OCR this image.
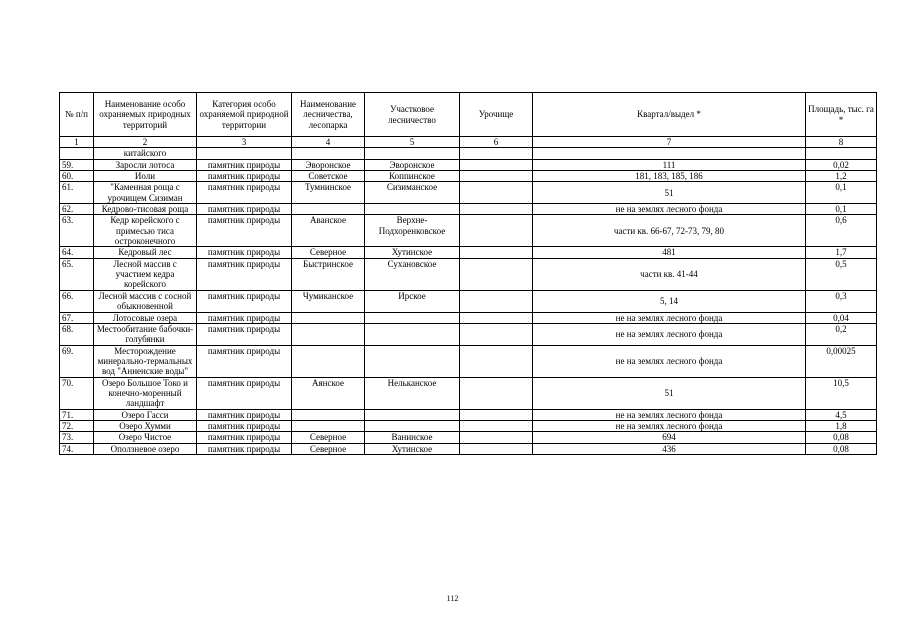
№ п/п	Наименование особо охраняемых природных территорий	Категория особо охраняемой природной территории	Наименование лесничества, лесопарка	Участковое лесничество	Урочище	Квартал/выдел *	Площадь, тыс. га *
1	2	3	4	5	6	7	8
	китайского						
59.	Заросли лотоса	памятник природы	Эворонское	Эворонское		111	0,02
60.	Иоли	памятник природы	Советское	Коппинское		181, 183, 185, 186	1,2
61.	"Каменная роща с урочищем Сизиман	памятник природы	Тумнинское	Сизиманское		51	0,1
62.	Кедрово-тисовая роща	памятник природы				не на землях лесного фонда	0,1
63.	Кедр корейского с примесью тиса остроконечного	памятник природы	Аванское	Верхне-Подхоренковское		части кв. 66-67, 72-73, 79, 80	0,6
64.	Кедровый лес	памятник природы	Северное	Хутинское		481	1,7
65.	Лесной массив с участием кедра корейского	памятник природы	Быстринское	Сухановское		части кв. 41-44	0,5
66.	Лесной массив с сосной обыкновенной	памятник природы	Чумиканское	Ирское		5, 14	0,3
67.	Лотосовые озера	памятник природы				не на землях лесного фонда	0,04
68.	Местообитание бабочки-голубянки	памятник природы				не на землях лесного фонда	0,2
69.	Месторождение минерально-термальных вод "Анненские воды"	памятник природы				не на землях лесного фонда	0,00025
70.	Озеро Большое Токо и конечно-моренный ландшафт	памятник природы	Аянское	Нельканское		51	10,5
71.	Озеро Гасси	памятник природы				не на землях лесного фонда	4,5
72.	Озеро Хумми	памятник природы				не на землях лесного фонда	1,8
73.	Озеро Чистое	памятник природы	Северное	Ванинское		694	0,08
74.	Оползневое озеро	памятник природы	Северное	Хутинское		436	0,08
112
